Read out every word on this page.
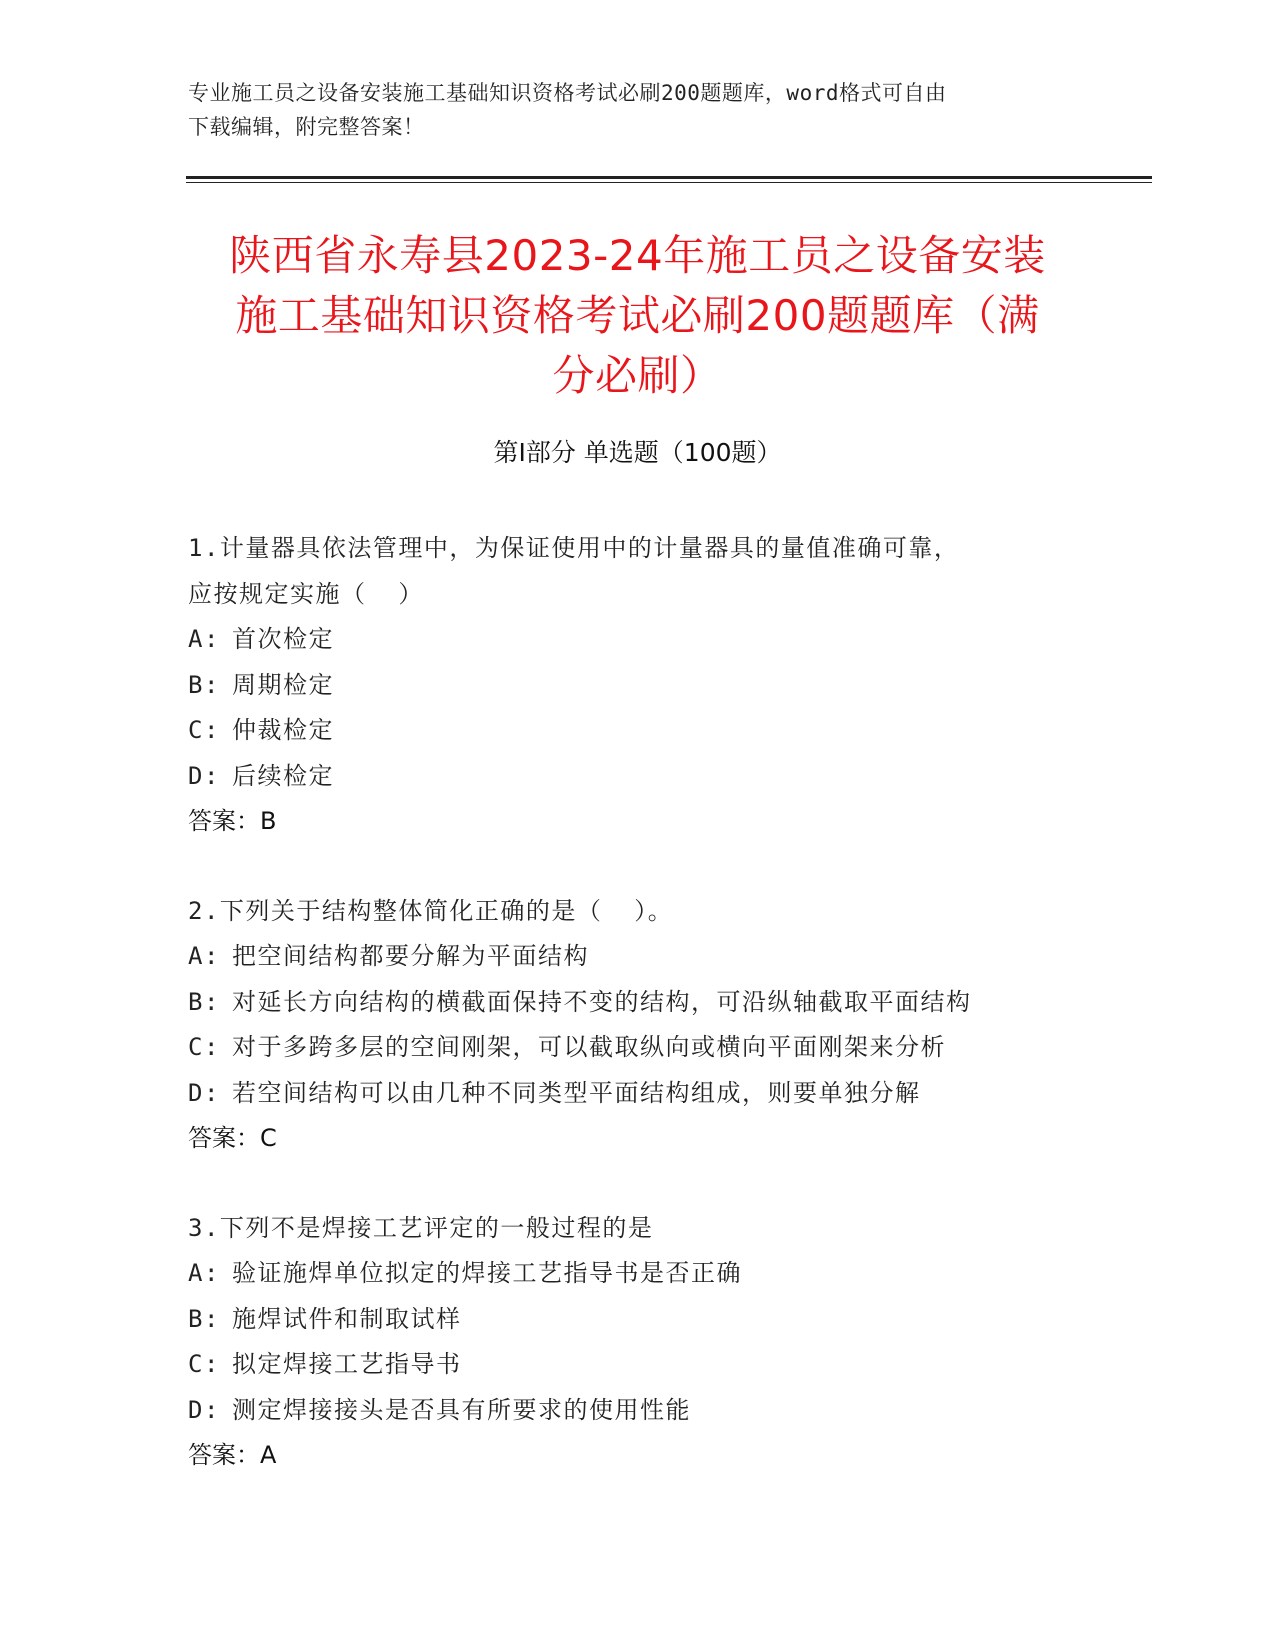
专业施工员之设备安装施工基础知识资格考试必刷200题题库，word格式可自由
下载编辑，附完整答案！
陕西省永寿县2023-24年施工员之设备安装
施工基础知识资格考试必刷200题题库（满
分必刷）
第Ⅰ部分 单选题（100题）
1.计量器具依法管理中，为保证使用中的计量器具的量值准确可靠，
应按规定实施（  ）
A: 首次检定
B: 周期检定
C: 仲裁检定
D: 后续检定
答案：B
2.下列关于结构整体简化正确的是（  ）。
A: 把空间结构都要分解为平面结构
B: 对延长方向结构的横截面保持不变的结构，可沿纵轴截取平面结构
C: 对于多跨多层的空间刚架，可以截取纵向或横向平面刚架来分析
D: 若空间结构可以由几种不同类型平面结构组成，则要单独分解
答案：C
3.下列不是焊接工艺评定的一般过程的是
A: 验证施焊单位拟定的焊接工艺指导书是否正确
B: 施焊试件和制取试样
C: 拟定焊接工艺指导书
D: 测定焊接接头是否具有所要求的使用性能
答案：A
